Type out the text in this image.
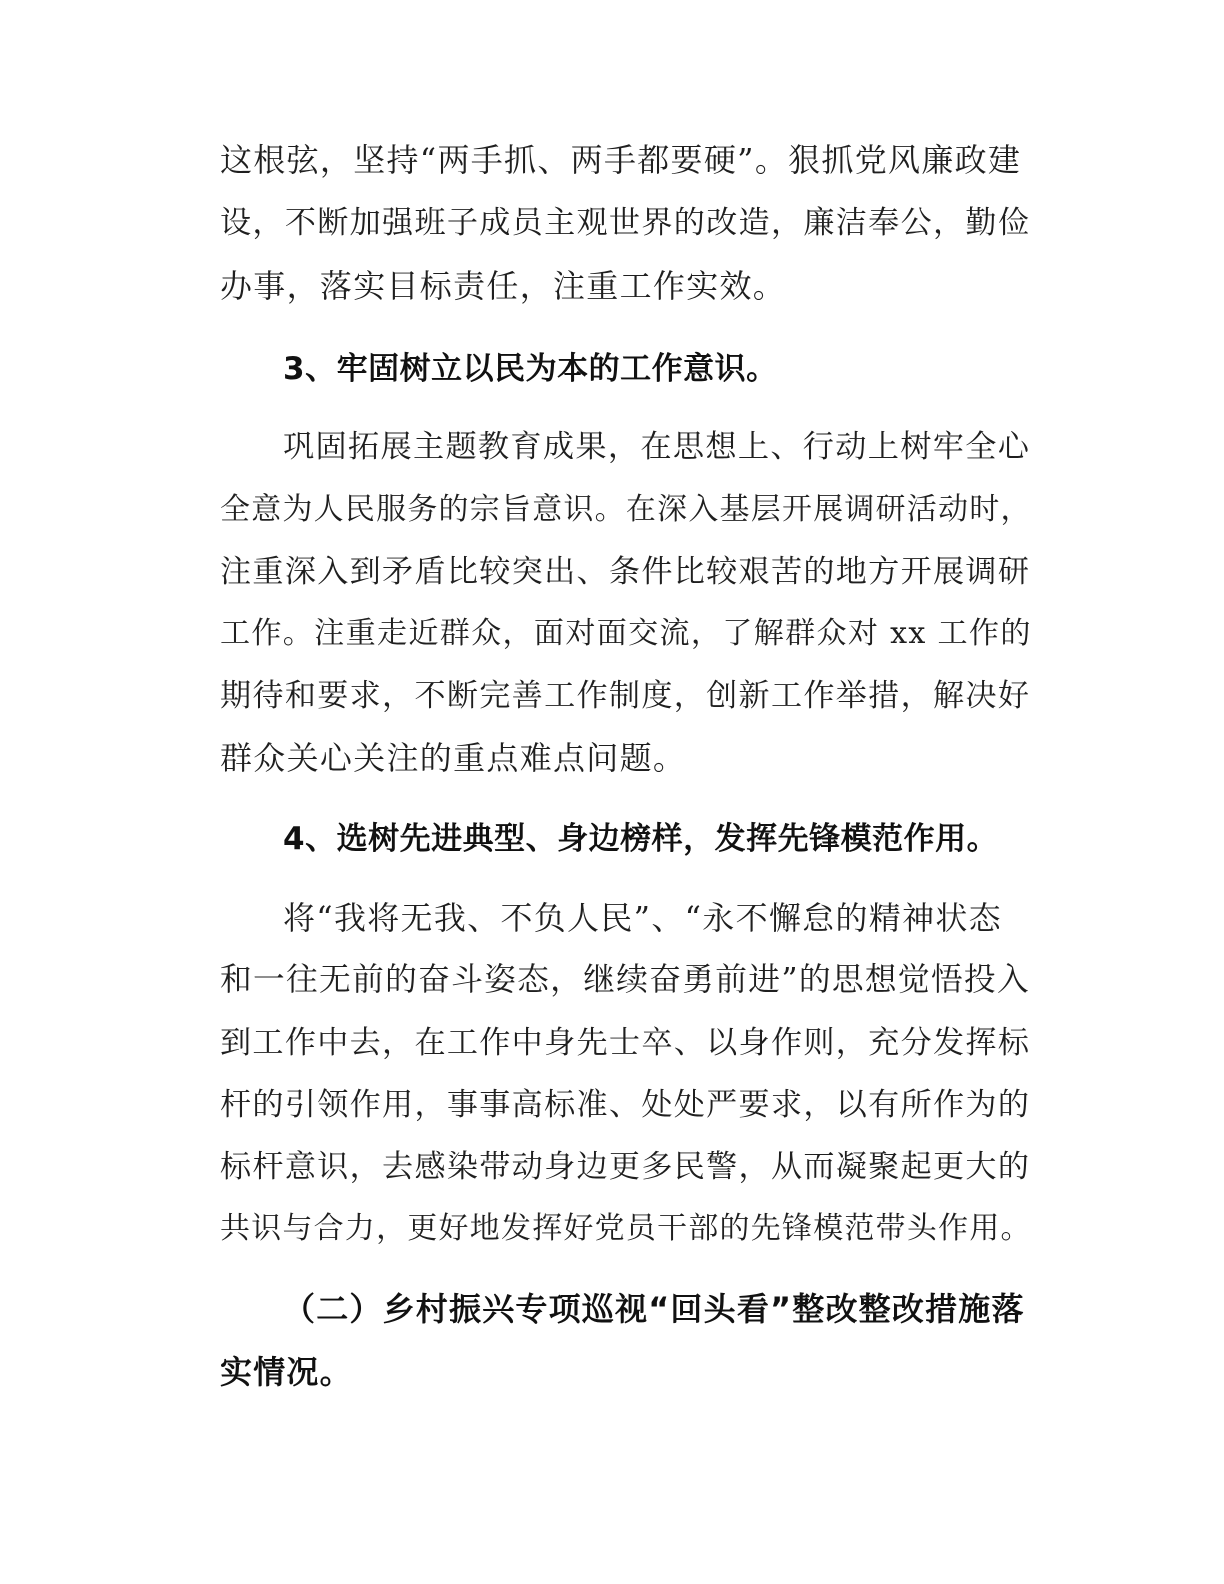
这根弦，坚持“两手抓、两手都要硬”。狠抓党风廉政建
设，不断加强班子成员主观世界的改造，廉洁奉公，勤俭
办事，落实目标责任，注重工作实效。
3、牢固树立以民为本的工作意识。
巩固拓展主题教育成果，在思想上、行动上树牢全心
全意为人民服务的宗旨意识。在深入基层开展调研活动时，
注重深入到矛盾比较突出、条件比较艰苦的地方开展调研
工作。注重走近群众，面对面交流，了解群众对 xx 工作的
期待和要求，不断完善工作制度，创新工作举措，解决好
群众关心关注的重点难点问题。
4、选树先进典型、身边榜样，发挥先锋模范作用。
将“我将无我、不负人民”、“永不懈怠的精神状态
和一往无前的奋斗姿态，继续奋勇前进”的思想觉悟投入
到工作中去，在工作中身先士卒、以身作则，充分发挥标
杆的引领作用，事事高标准、处处严要求，以有所作为的
标杆意识，去感染带动身边更多民警，从而凝聚起更大的
共识与合力，更好地发挥好党员干部的先锋模范带头作用。
（二）乡村振兴专项巡视“回头看”整改整改措施落
实情况。
